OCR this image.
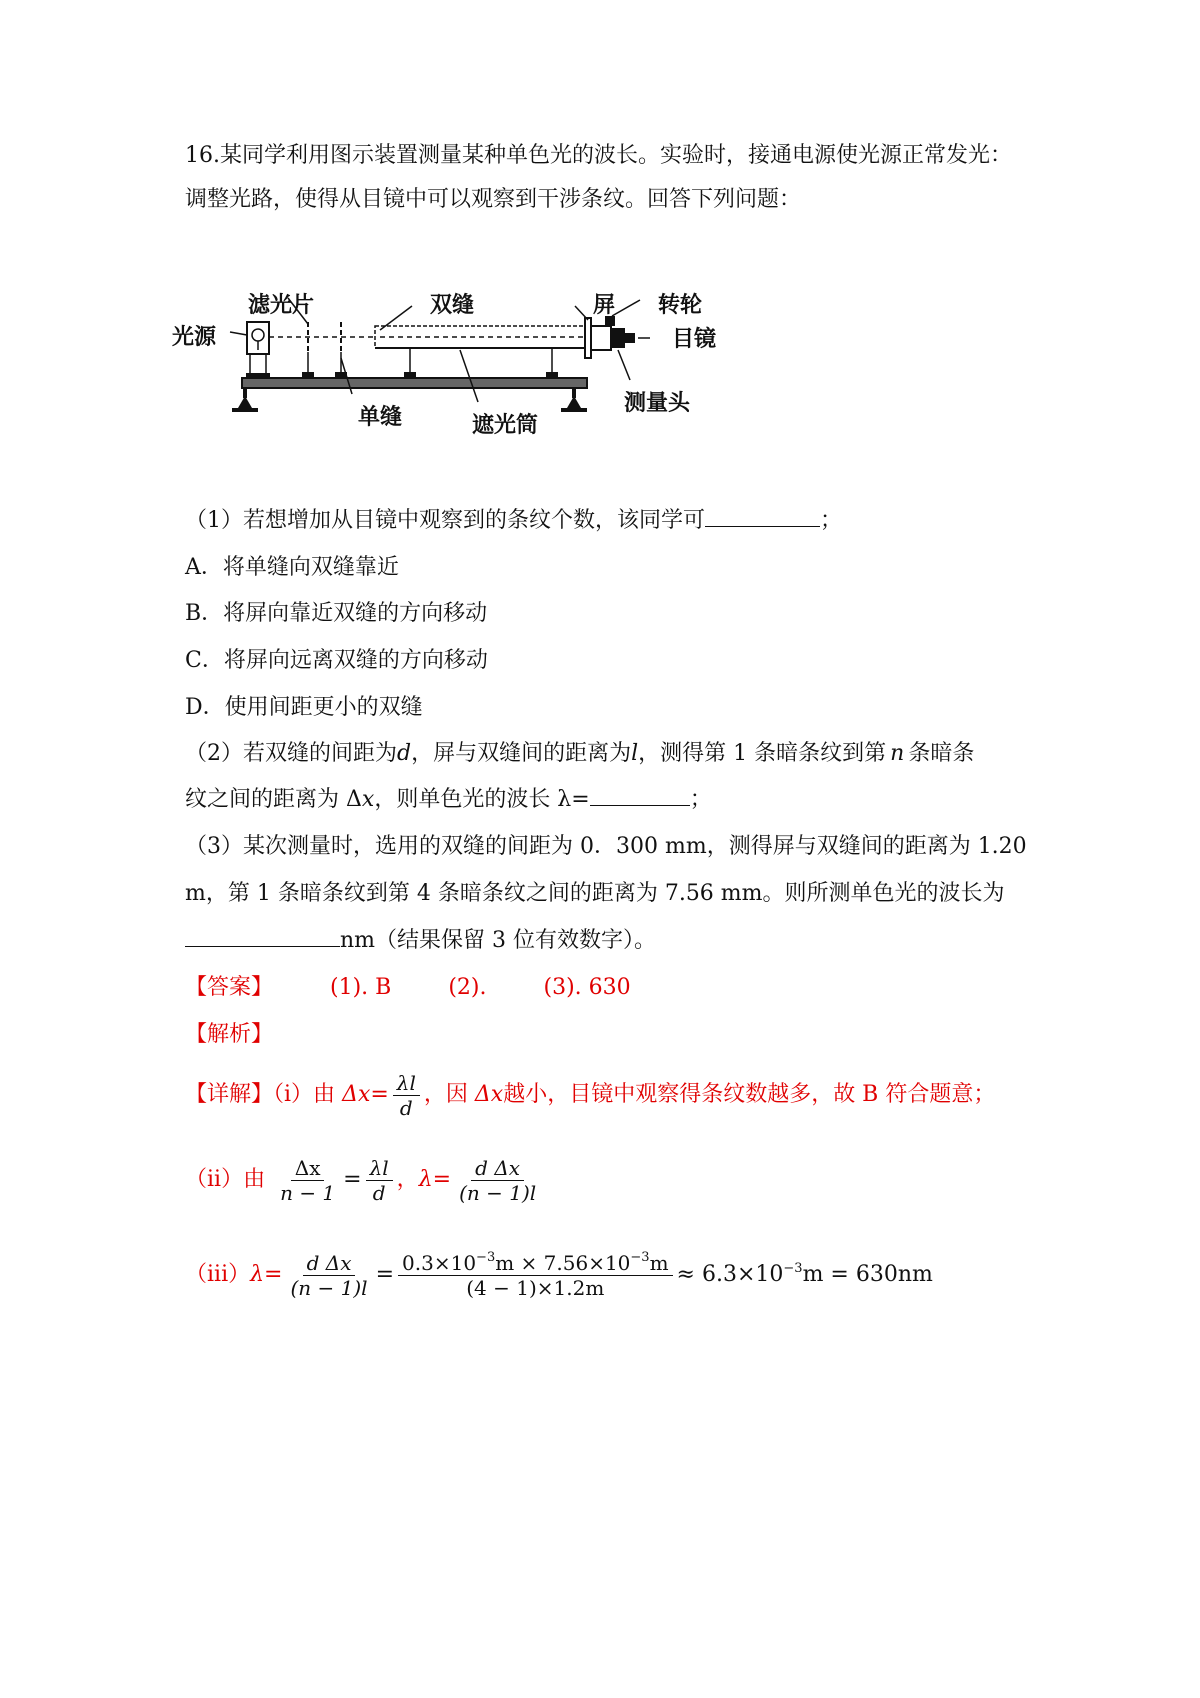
16.某同学利用图示装置测量某种单色光的波长。实验时，接通电源使光源正常发光：
调整光路，使得从目镜中可以观察到干涉条纹。回答下列问题：
滤光片	双缝	屏 转轮
光源	目镜
单缝	遮光筒
测量头
（1）若想增加从目镜中观察到的条纹个数，该同学可	；
A．将单缝向双缝靠近
B．将屏向靠近双缝的方向移动
C．将屏向远离双缝的方向移动
D．使用间距更小的双缝
（2）若双缝的间距为d，屏与双缝间的距离为l，测得第 1 条暗条纹到第 n 条暗条
纹之间的距离为 Δx，则单色光的波长 λ=	；
（3）某次测量时，选用的双缝的间距为 0．300 mm，测得屏与双缝间的距离为 1.20
m，第 1 条暗条纹到第 4 条暗条纹之间的距离为 7.56 mm。则所测单色光的波长为
nm（结果保留 3 位有效数字）。
【答案】	(1). B	(2).	(3). 630
【解析】
【详解】（i）由 $\Delta x= \frac{\lambda l}{d}$ ，因 Δx越小，目镜中观察得条纹数越多，故 B 符合题意；
（ii）由 $\frac{\Delta x}{n - 1} = \frac{\lambda l}{d}$ ，$\lambda= \frac{\text{d Δx}}{(n - 1)l}$
$(iii)\lambda= \frac{\text{d Δx}}{(n - 1)l} = \frac{0.3\times 10^{-3}m \times 7.56\times 10^{-3}m}{(4 - 1)\times 1.2m} \approx 6.3\times 10^{-3}m = 630nm$
